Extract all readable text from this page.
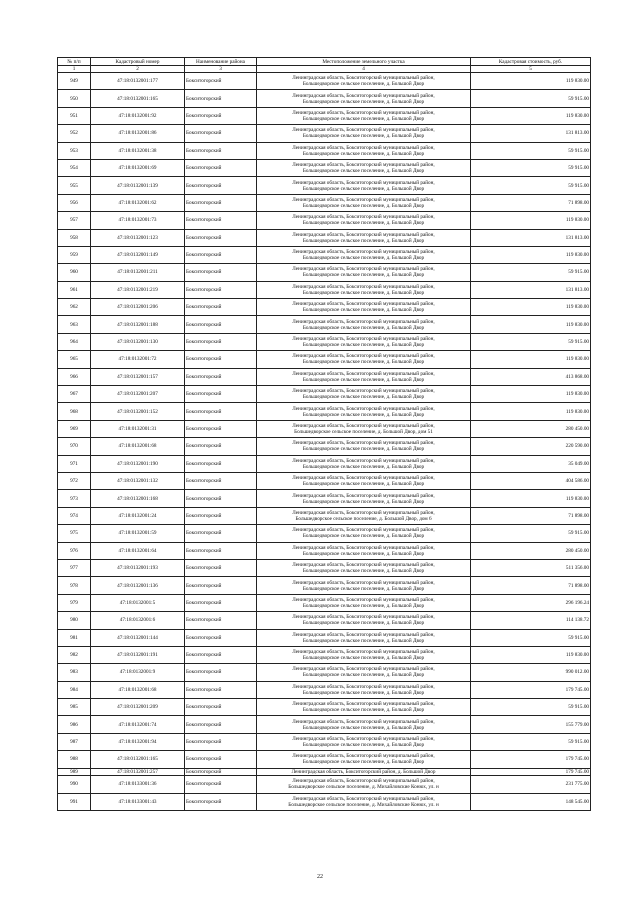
№ п/п	Кадастровый номер	Наименование района	Местоположение земельного участка	Кадастровая стоимость, руб.
1	2	3	4	5
949	47:18:0132001:177	Бокситогорский	Ленинградская область, Бокситогорский муниципальный район,
Большедворское сельское поселение, д. Большой Двор	119 830.00
950	47:18:0132001:165	Бокситогорский	Ленинградская область, Бокситогорский муниципальный район,
Большедворское сельское поселение, д. Большой Двор	59 915.00
951	47:18:0132001:92	Бокситогорский	Ленинградская область, Бокситогорский муниципальный район,
Большедворское сельское поселение, д. Большой Двор	119 830.00
952	47:18:0132001:86	Бокситогорский	Ленинградская область, Бокситогорский муниципальный район,
Большедворское сельское поселение, д. Большой Двор	131 813.00
953	47:18:0132001:38	Бокситогорский	Ленинградская область, Бокситогорский муниципальный район,
Большедворское сельское поселение, д. Большой Двор	59 915.00
954	47:18:0132001:69	Бокситогорский	Ленинградская область, Бокситогорский муниципальный район,
Большедворское сельское поселение, д. Большой Двор	59 915.00
955	47:18:0132001:139	Бокситогорский	Ленинградская область, Бокситогорский муниципальный район,
Большедворское сельское поселение, д. Большой Двор	59 915.00
956	47:18:0132001:62	Бокситогорский	Ленинградская область, Бокситогорский муниципальный район,
Большедворское сельское поселение, д. Большой Двор	71 898.00
957	47:18:0132001:73	Бокситогорский	Ленинградская область, Бокситогорский муниципальный район,
Большедворское сельское поселение, д. Большой Двор	119 830.00
958	47:18:0132001:123	Бокситогорский	Ленинградская область, Бокситогорский муниципальный район,
Большедворское сельское поселение, д. Большой Двор	131 813.00
959	47:18:0132001:149	Бокситогорский	Ленинградская область, Бокситогорский муниципальный район,
Большедворское сельское поселение, д. Большой Двор	119 830.00
960	47:18:0132001:211	Бокситогорский	Ленинградская область, Бокситогорский муниципальный район,
Большедворское сельское поселение, д. Большой Двор	59 915.00
961	47:18:0132001:219	Бокситогорский	Ленинградская область, Бокситогорский муниципальный район,
Большедворское сельское поселение, д. Большой Двор	131 813.00
962	47:18:0132001:206	Бокситогорский	Ленинградская область, Бокситогорский муниципальный район,
Большедворское сельское поселение, д. Большой Двор	119 830.00
963	47:18:0132001:188	Бокситогорский	Ленинградская область, Бокситогорский муниципальный район,
Большедворское сельское поселение, д. Большой Двор	119 830.00
964	47:18:0132001:130	Бокситогорский	Ленинградская область, Бокситогорский муниципальный район,
Большедворское сельское поселение, д. Большой Двор	59 915.00
965	47:18:0132001:72	Бокситогорский	Ленинградская область, Бокситогорский муниципальный район,
Большедворское сельское поселение, д. Большой Двор	119 830.00
966	47:18:0132001:157	Бокситогорский	Ленинградская область, Бокситогорский муниципальный район,
Большедворское сельское поселение, д. Большой Двор	413 868.00
967	47:18:0132001:207	Бокситогорский	Ленинградская область, Бокситогорский муниципальный район,
Большедворское сельское поселение, д. Большой Двор	119 830.00
968	47:18:0132001:152	Бокситогорский	Ленинградская область, Бокситогорский муниципальный район,
Большедворское сельское поселение, д. Большой Двор	119 830.00
969	47:18:0132001:31	Бокситогорский	Ленинградская область, Бокситогорский муниципальный район,
Большедворское сельское поселение, д. Большой Двор, дом 51	280 450.00
970	47:18:0132001:68	Бокситогорский	Ленинградская область, Бокситогорский муниципальный район,
Большедворское сельское поселение, д. Большой Двор	220 590.00
971	47:18:0132001:190	Бокситогорский	Ленинградская область, Бокситогорский муниципальный район,
Большедворское сельское поселение, д. Большой Двор	35 049.00
972	47:18:0132001:132	Бокситогорский	Ленинградская область, Бокситогорский муниципальный район,
Большедворское сельское поселение, д. Большой Двор	404 586.00
973	47:18:0132001:168	Бокситогорский	Ленинградская область, Бокситогорский муниципальный район,
Большедворское сельское поселение, д. Большой Двор	119 830.00
974	47:18:0132001:24	Бокситогорский	Ленинградская область, Бокситогорский муниципальный район,
Большедворское сельское поселение, д. Большой Двор, дом 6	71 898.00
975	47:18:0132001:59	Бокситогорский	Ленинградская область, Бокситогорский муниципальный район,
Большедворское сельское поселение, д. Большой Двор	59 915.00
976	47:18:0132001:64	Бокситогорский	Ленинградская область, Бокситогорский муниципальный район,
Большедворское сельское поселение, д. Большой Двор	280 450.00
977	47:18:0132001:193	Бокситогорский	Ленинградская область, Бокситогорский муниципальный район,
Большедворское сельское поселение, д. Большой Двор	511 356.00
978	47:18:0132001:136	Бокситогорский	Ленинградская область, Бокситогорский муниципальный район,
Большедворское сельское поселение, д. Большой Двор	71 898.00
979	47:18:0132001:5	Бокситогорский	Ленинградская область, Бокситогорский муниципальный район,
Большедворское сельское поселение, д. Большой Двор	296 196.24
980	47:18:0132001:6	Бокситогорский	Ленинградская область, Бокситогорский муниципальный район,
Большедворское сельское поселение, д. Большой Двор	114 138.72
981	47:18:0132001:144	Бокситогорский	Ленинградская область, Бокситогорский муниципальный район,
Большедворское сельское поселение, д. Большой Двор	59 915.00
982	47:18:0132001:191	Бокситогорский	Ленинградская область, Бокситогорский муниципальный район,
Большедворское сельское поселение, д. Большой Двор	119 830.00
983	47:18:0132001:9	Бокситогорский	Ленинградская область, Бокситогорский муниципальный район,
Большедворское сельское поселение, д. Большой Двор	990 012.00
984	47:18:0132001:68	Бокситогорский	Ленинградская область, Бокситогорский муниципальный район,
Большедворское сельское поселение, д. Большой Двор	179 745.00
985	47:18:0132001:209	Бокситогорский	Ленинградская область, Бокситогорский муниципальный район,
Большедворское сельское поселение, д. Большой Двор	59 915.00
986	47:18:0132001:74	Бокситогорский	Ленинградская область, Бокситогорский муниципальный район,
Большедворское сельское поселение, д. Большой Двор	155 779.00
987	47:18:0132001:94	Бокситогорский	Ленинградская область, Бокситогорский муниципальный район,
Большедворское сельское поселение, д. Большой Двор	59 915.00
988	47:18:0132001:165	Бокситогорский	Ленинградская область, Бокситогорский муниципальный район,
Большедворское сельское поселение, д. Большой Двор	179 745.00
989	47:18:0132001:257	Бокситогорский	Ленинградская область, Бокситогорский район, д. Большой Двор	179 745.00
990	47:18:0133001:36	Бокситогорский	Ленинградская область, Бокситогорский муниципальный район,
Большедворское сельское поселение, д. Михайловские Конюх, ул. н	231 775.00
991	47:18:0133001:43	Бокситогорский	Ленинградская область, Бокситогорский муниципальный район,
Большедворское сельское поселение, д. Михайловские Конюх, ул. н	148 545.00
22
